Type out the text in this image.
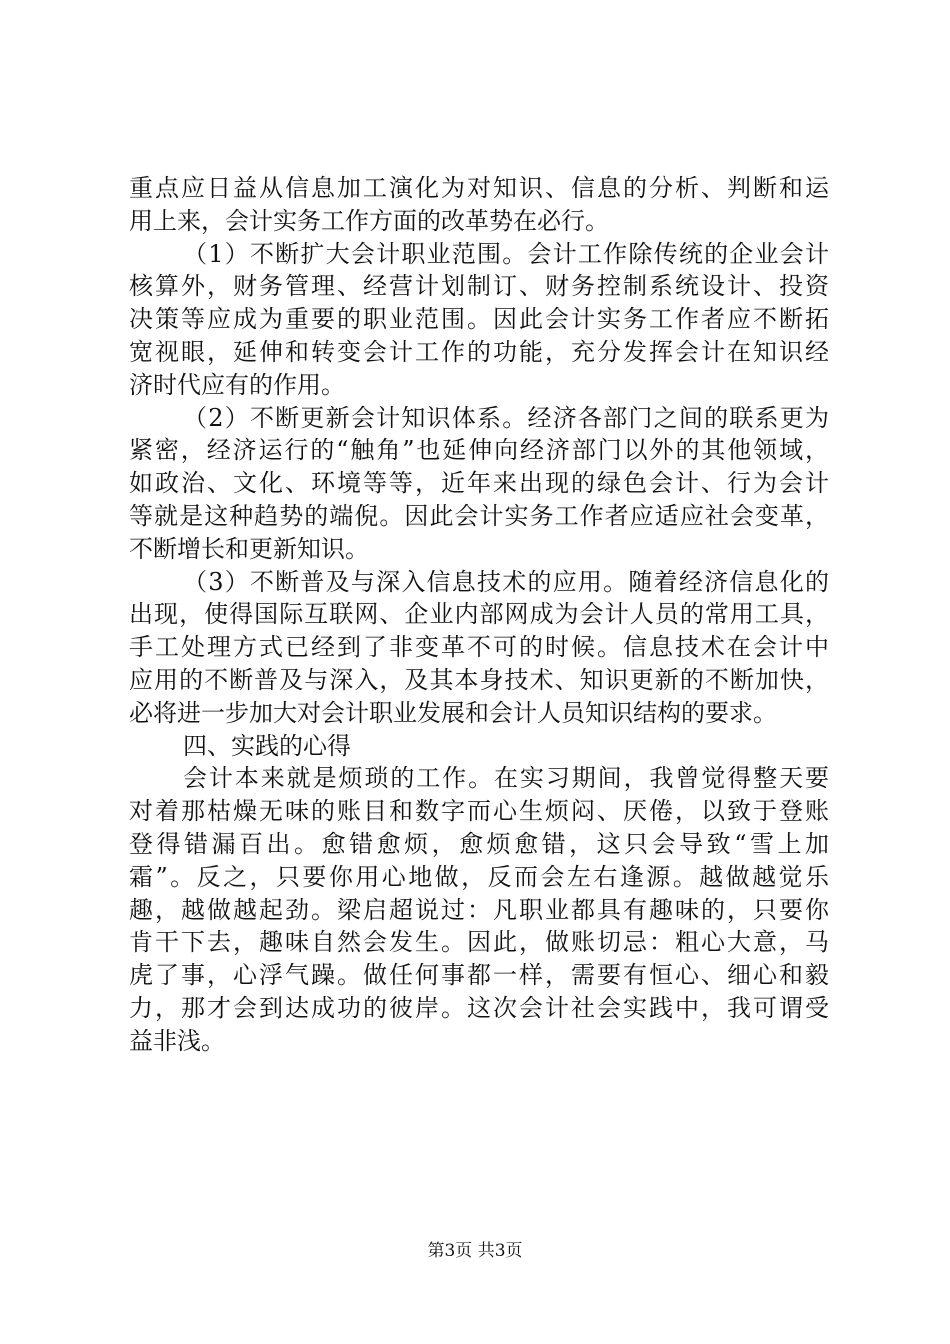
重点应日益从信息加工演化为对知识、信息的分析、判断和运
用上来，会计实务工作方面的改革势在必行。
（1）不断扩大会计职业范围。会计工作除传统的企业会计
核算外，财务管理、经营计划制订、财务控制系统设计、投资
决策等应成为重要的职业范围。因此会计实务工作者应不断拓
宽视眼，延伸和转变会计工作的功能，充分发挥会计在知识经
济时代应有的作用。
（2）不断更新会计知识体系。经济各部门之间的联系更为
紧密，经济运行的“触角”也延伸向经济部门以外的其他领域，
如政治、文化、环境等等，近年来出现的绿色会计、行为会计
等就是这种趋势的端倪。因此会计实务工作者应适应社会变革，
不断增长和更新知识。
（3）不断普及与深入信息技术的应用。随着经济信息化的
出现，使得国际互联网、企业内部网成为会计人员的常用工具，
手工处理方式已经到了非变革不可的时候。信息技术在会计中
应用的不断普及与深入，及其本身技术、知识更新的不断加快，
必将进一步加大对会计职业发展和会计人员知识结构的要求。
四、实践的心得
会计本来就是烦琐的工作。在实习期间，我曾觉得整天要
对着那枯燥无味的账目和数字而心生烦闷、厌倦，以致于登账
登得错漏百出。愈错愈烦，愈烦愈错，这只会导致“雪上加
霜”。反之，只要你用心地做，反而会左右逢源。越做越觉乐
趣，越做越起劲。梁启超说过：凡职业都具有趣味的，只要你
肯干下去，趣味自然会发生。因此，做账切忌：粗心大意，马
虎了事，心浮气躁。做任何事都一样，需要有恒心、细心和毅
力，那才会到达成功的彼岸。这次会计社会实践中，我可谓受
益非浅。
第3页 共3页
